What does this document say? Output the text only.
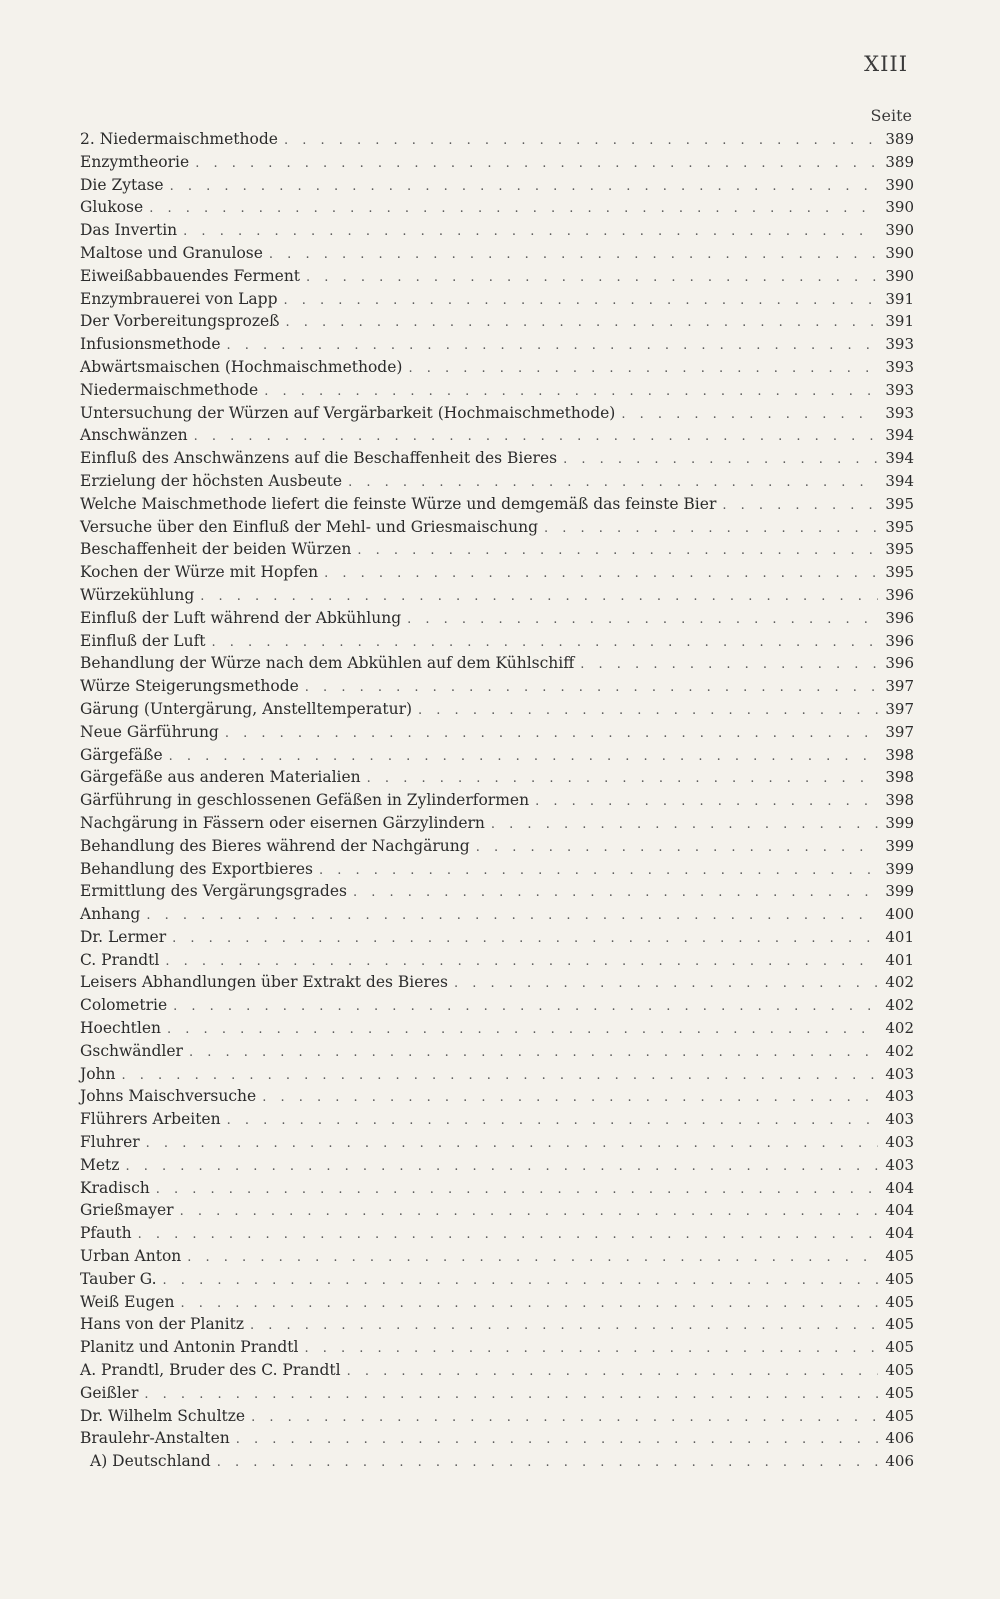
XIII
Seite
2. Niedermaischmethode . . .	389
Enzymtheorie . . .	389
Die Zytase . . .	390
Glukose . . .	390
Das Invertin . . .	390
Maltose und Granulose . . .	390
Eiweißabbauendes Ferment . . .	390
Enzymbrauerei von Lapp . . .	391
Der Vorbereitungsprozeß . . .	391
Infusionsmethode . . .	393
Abwärtsmaischen (Hochmaischmethode) . . .	393
Niedermaischmethode . . .	393
Untersuchung der Würzen auf Vergärbarkeit (Hochmaischmethode) . . .	393
Anschwänzen . . .	394
Einfluß des Anschwänzens auf die Beschaffenheit des Bieres . . .	394
Erzielung der höchsten Ausbeute . . .	394
Welche Maischmethode liefert die feinste Würze und demgemäß das feinste Bier . . .	395
Versuche über den Einfluß der Mehl- und Griesmaischung . . .	395
Beschaffenheit der beiden Würzen . . .	395
Kochen der Würze mit Hopfen . . .	395
Würzekühlung . . .	396
Einfluß der Luft während der Abkühlung . . .	396
Einfluß der Luft . . .	396
Behandlung der Würze nach dem Abkühlen auf dem Kühlschiff . . .	396
Würze Steigerungsmethode . . .	397
Gärung (Untergärung, Anstelltemperatur) . . .	397
Neue Gärführung . . .	397
Gärgefäße . . .	398
Gärgefäße aus anderen Materialien . . .	398
Gärführung in geschlossenen Gefäßen in Zylinderformen . . .	398
Nachgärung in Fässern oder eisernen Gärzylindern . . .	399
Behandlung des Bieres während der Nachgärung . . .	399
Behandlung des Exportbieres . . .	399
Ermittlung des Vergärungsgrades . . .	399
Anhang . . .	400
Dr. Lermer . . .	401
C. Prandtl . . .	401
Leisers Abhandlungen über Extrakt des Bieres . . .	402
Colometrie . . .	402
Hoechtlen . . .	402
Gschwändler . . .	402
John . . .	403
Johns Maischversuche . . .	403
Flührers Arbeiten . . .	403
Fluhrer . . .	403
Metz . . .	403
Kradisch . . .	404
Grießmayer . . .	404
Pfauth . . .	404
Urban Anton . . .	405
Tauber G. . . .	405
Weiß Eugen . . .	405
Hans von der Planitz . . .	405
Planitz und Antonin Prandtl . . .	405
A. Prandtl, Bruder des C. Prandtl . . .	405
Geißler . . .	405
Dr. Wilhelm Schultze . . .	405
Braulehr-Anstalten . . .	406
A) Deutschland . . .	406
